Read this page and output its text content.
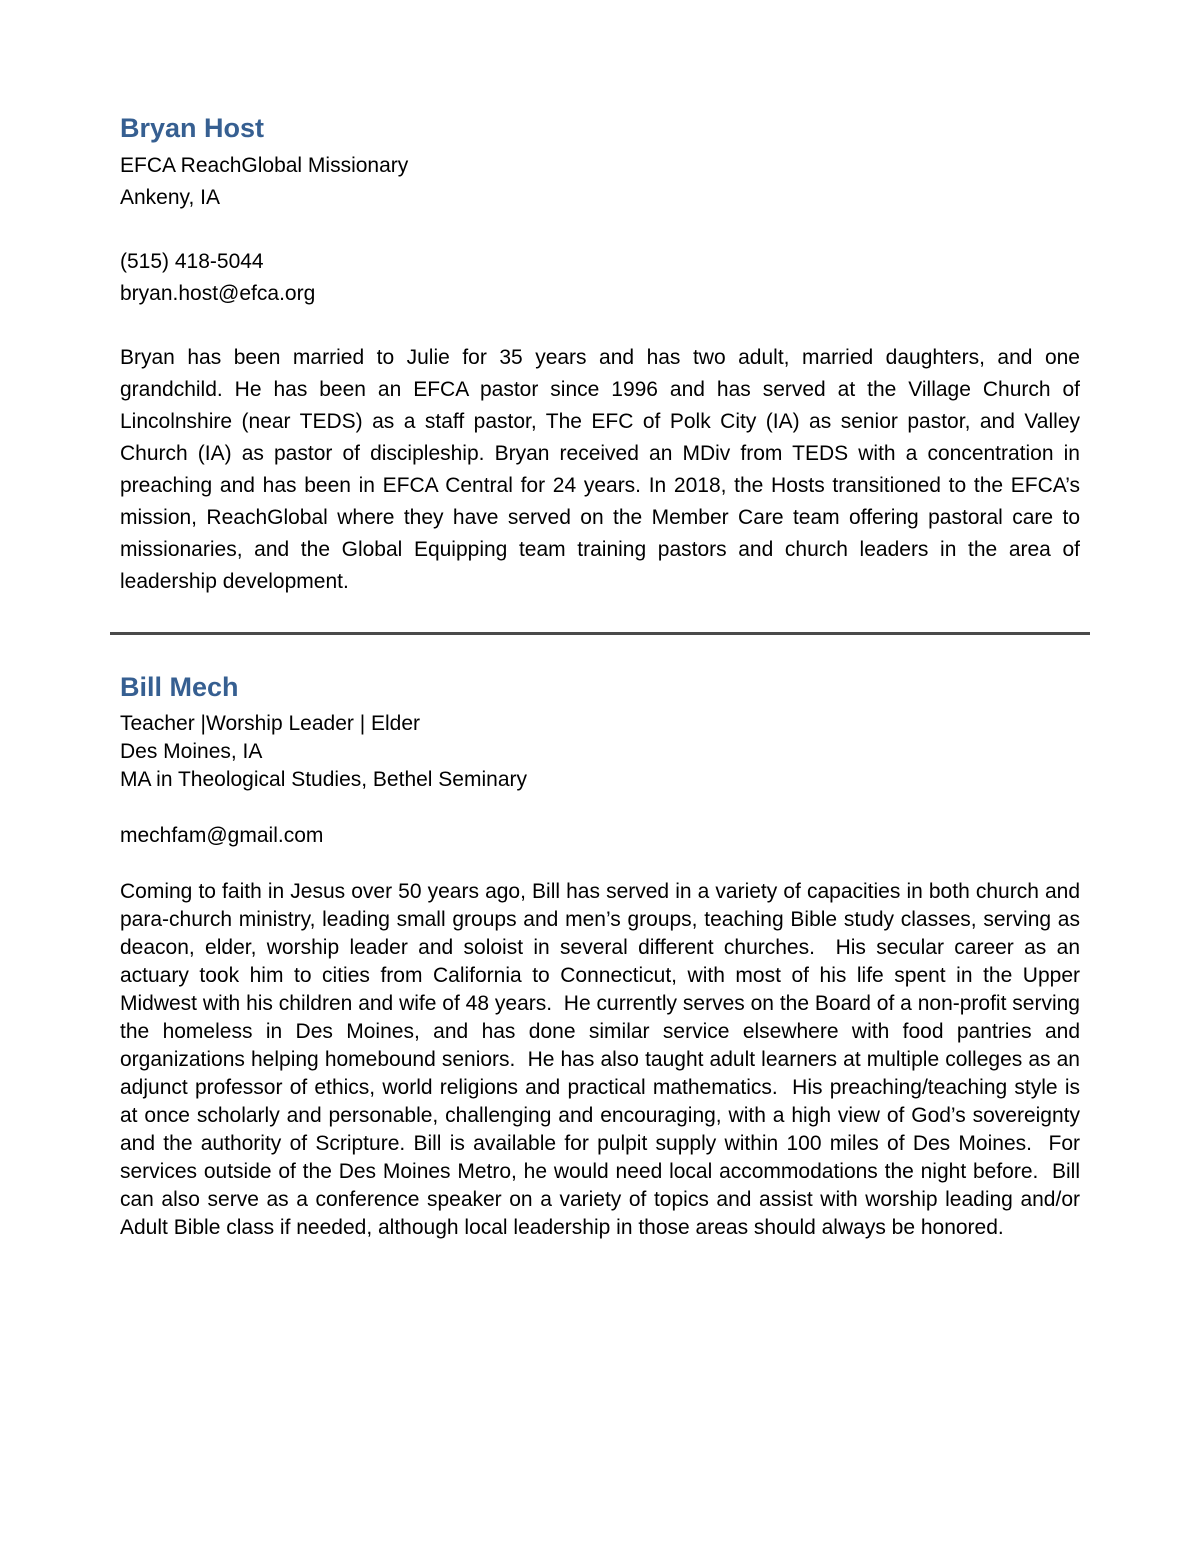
Bryan Host
EFCA ReachGlobal Missionary
Ankeny, IA
(515) 418-5044
bryan.host@efca.org

Bryan has been married to Julie for 35 years and has two adult, married daughters, and one grandchild. He has been an EFCA pastor since 1996 and has served at the Village Church of Lincolnshire (near TEDS) as a staff pastor, The EFC of Polk City (IA) as senior pastor, and Valley Church (IA) as pastor of discipleship. Bryan received an MDiv from TEDS with a concentration in preaching and has been in EFCA Central for 24 years. In 2018, the Hosts transitioned to the EFCA’s mission, ReachGlobal where they have served on the Member Care team offering pastoral care to missionaries, and the Global Equipping team training pastors and church leaders in the area of leadership development.

Bill Mech
Teacher |Worship Leader | Elder
Des Moines, IA
MA in Theological Studies, Bethel Seminary
mechfam@gmail.com

Coming to faith in Jesus over 50 years ago, Bill has served in a variety of capacities in both church and para-church ministry, leading small groups and men’s groups, teaching Bible study classes, serving as deacon, elder, worship leader and soloist in several different churches.  His secular career as an actuary took him to cities from California to Connecticut, with most of his life spent in the Upper Midwest with his children and wife of 48 years.  He currently serves on the Board of a non-profit serving the homeless in Des Moines, and has done similar service elsewhere with food pantries and organizations helping homebound seniors.  He has also taught adult learners at multiple colleges as an adjunct professor of ethics, world religions and practical mathematics.  His preaching/teaching style is at once scholarly and personable, challenging and encouraging, with a high view of God’s sovereignty and the authority of Scripture. Bill is available for pulpit supply within 100 miles of Des Moines.  For services outside of the Des Moines Metro, he would need local accommodations the night before.  Bill can also serve as a conference speaker on a variety of topics and assist with worship leading and/or Adult Bible class if needed, although local leadership in those areas should always be honored.
